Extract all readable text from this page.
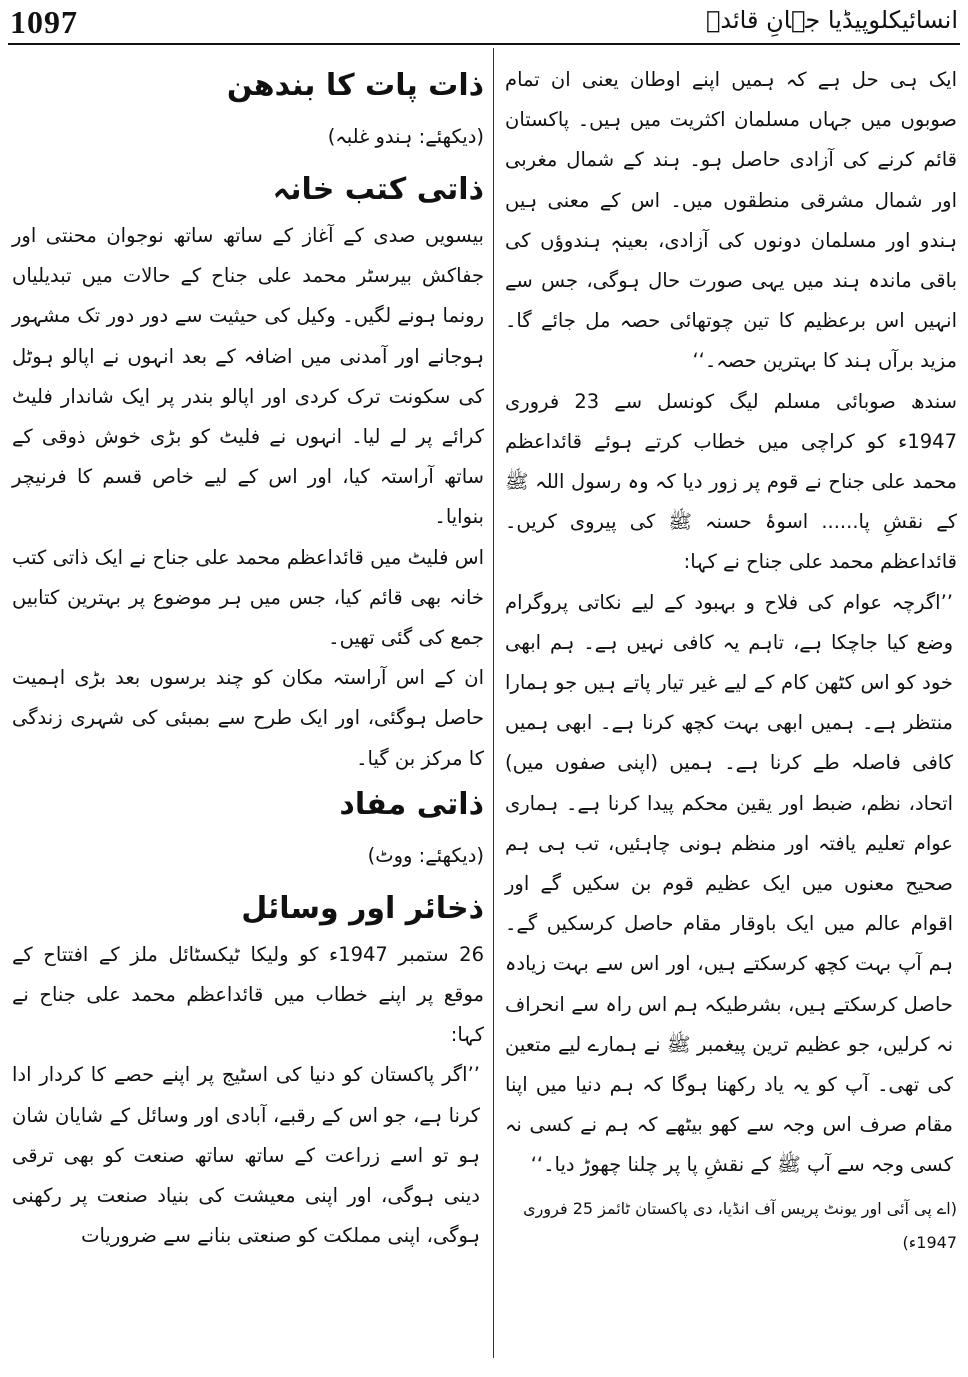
1097	انسائیکلوپیڈیا جہانِ قائدؒ

ایک ہی حل ہے کہ ہمیں اپنے اوطان یعنی ان تمام صوبوں میں جہاں مسلمان اکثریت میں ہیں۔ پاکستان قائم کرنے کی آزادی حاصل ہو۔ ہند کے شمال مغربی اور شمال مشرقی منطقوں میں۔ اس کے معنی ہیں ہندو اور مسلمان دونوں کی آزادی، بعینہٖ ہندوؤں کی باقی ماندہ ہند میں یہی صورت حال ہوگی، جس سے انہیں اس برعظیم کا تین چوتھائی حصہ مل جائے گا۔ مزید برآں ہند کا بہترین حصہ۔‘‘

سندھ صوبائی مسلم لیگ کونسل سے 23 فروری 1947ء کو کراچی میں خطاب کرتے ہوئے قائداعظم محمد علی جناح نے قوم پر زور دیا کہ وہ رسول اللہ ﷺ کے نقشِ پا...... اسوۂ حسنہ ﷺ کی پیروی کریں۔ قائداعظم محمد علی جناح نے کہا:

’’اگرچہ عوام کی فلاح و بہبود کے لیے نکاتی پروگرام وضع کیا جاچکا ہے، تاہم یہ کافی نہیں ہے۔ ہم ابھی خود کو اس کٹھن کام کے لیے غیر تیار پاتے ہیں جو ہمارا منتظر ہے۔ ہمیں ابھی بہت کچھ کرنا ہے۔ ابھی ہمیں کافی فاصلہ طے کرنا ہے۔ ہمیں (اپنی صفوں میں) اتحاد، نظم، ضبط اور یقین محکم پیدا کرنا ہے۔ ہماری عوام تعلیم یافتہ اور منظم ہونی چاہئیں، تب ہی ہم صحیح معنوں میں ایک عظیم قوم بن سکیں گے اور اقوام عالم میں ایک باوقار مقام حاصل کرسکیں گے۔ ہم آپ بہت کچھ کرسکتے ہیں، اور اس سے بہت زیادہ حاصل کرسکتے ہیں، بشرطیکہ ہم اس راہ سے انحراف نہ کرلیں، جو عظیم ترین پیغمبر ﷺ نے ہمارے لیے متعین کی تھی۔ آپ کو یہ یاد رکھنا ہوگا کہ ہم دنیا میں اپنا مقام صرف اس وجہ سے کھو بیٹھے کہ ہم نے کسی نہ کسی وجہ سے آپ ﷺ کے نقشِ پا پر چلنا چھوڑ دیا۔‘‘

(اے پی آئی اور یونٹ پریس آف انڈیا، دی پاکستان ٹائمز 25 فروری 1947ء)

ذات پات کا بندھن

(دیکھئے: ہندو غلبہ)

ذاتی کتب خانہ

بیسویں صدی کے آغاز کے ساتھ ساتھ نوجوان محنتی اور جفاکش بیرسٹر محمد علی جناح کے حالات میں تبدیلیاں رونما ہونے لگیں۔ وکیل کی حیثیت سے دور دور تک مشہور ہوجانے اور آمدنی میں اضافہ کے بعد انہوں نے اپالو ہوٹل کی سکونت ترک کردی اور اپالو بندر پر ایک شاندار فلیٹ کرائے پر لے لیا۔ انہوں نے فلیٹ کو بڑی خوش ذوقی کے ساتھ آراستہ کیا، اور اس کے لیے خاص قسم کا فرنیچر بنوایا۔

اس فلیٹ میں قائداعظم محمد علی جناح نے ایک ذاتی کتب خانہ بھی قائم کیا، جس میں ہر موضوع پر بہترین کتابیں جمع کی گئی تھیں۔

ان کے اس آراستہ مکان کو چند برسوں بعد بڑی اہمیت حاصل ہوگئی، اور ایک طرح سے بمبئی کی شہری زندگی کا مرکز بن گیا۔

ذاتی مفاد

(دیکھئے: ووٹ)

ذخائر اور وسائل

26 ستمبر 1947ء کو ولیکا ٹیکسٹائل ملز کے افتتاح کے موقع پر اپنے خطاب میں قائداعظم محمد علی جناح نے کہا:

’’اگر پاکستان کو دنیا کی اسٹیج پر اپنے حصے کا کردار ادا کرنا ہے، جو اس کے رقبے، آبادی اور وسائل کے شایان شان ہو تو اسے زراعت کے ساتھ ساتھ صنعت کو بھی ترقی دینی ہوگی، اور اپنی معیشت کی بنیاد صنعت پر رکھنی ہوگی، اپنی مملکت کو صنعتی بنانے سے ضروریات
